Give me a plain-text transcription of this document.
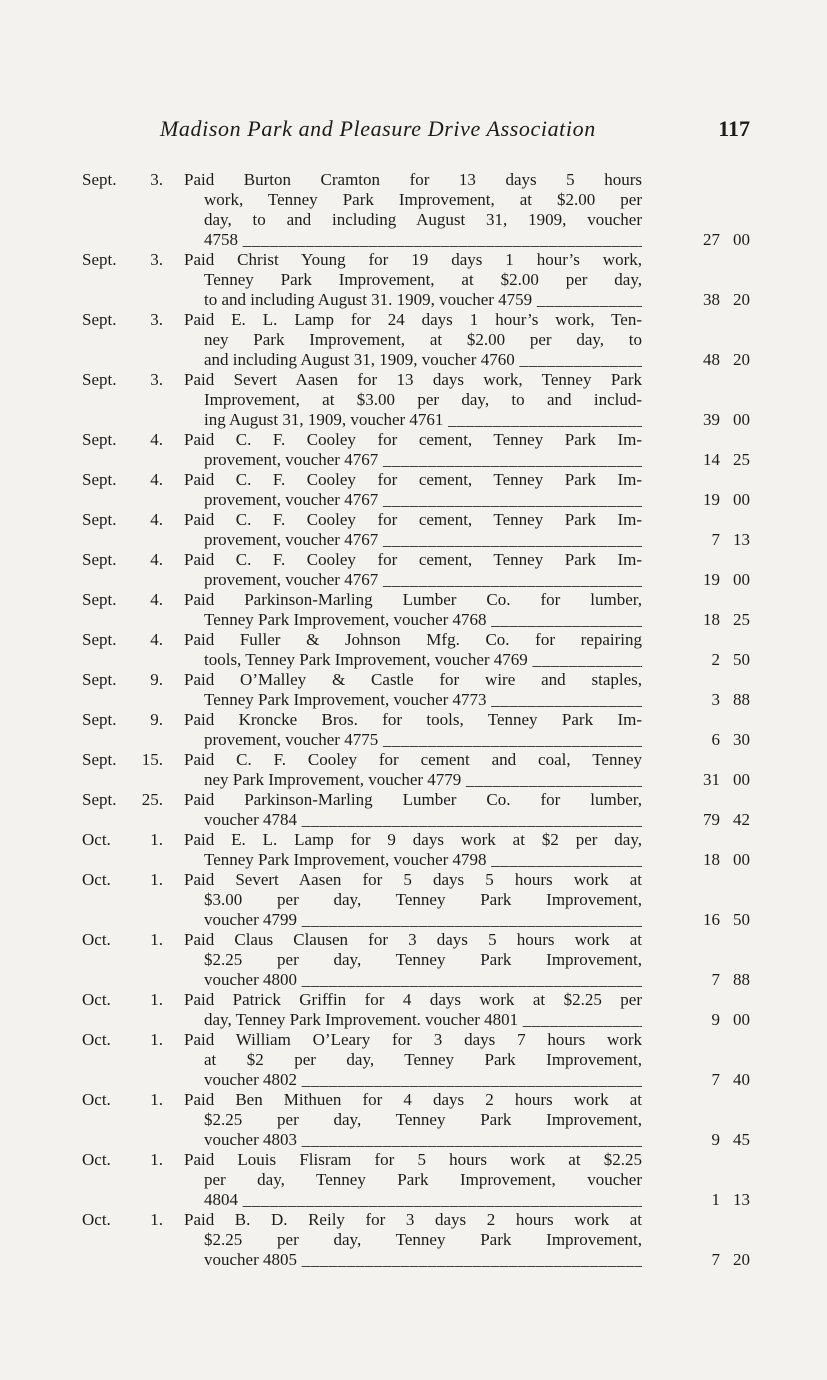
Madison Park and Pleasure Drive Association	117
Sept.	3. Paid Burton Cramton for 13 days 5 hours
work, Tenney Park Improvement, at $2.00 per
day, to and including August 31, 1909, voucher
4758 _____	27 00
Sept.	3. Paid Christ Young for 19 days 1 hour’s work,
Tenney Park Improvement, at $2.00 per day,
to and including August 31. 1909, voucher 4759 _____	38 20
Sept.	3. Paid E. L. Lamp for 24 days 1 hour’s work, Ten-
ney Park Improvement, at $2.00 per day, to
and including August 31, 1909, voucher 4760 _____	48 20
Sept.	3. Paid Severt Aasen for 13 days work, Tenney Park
Improvement, at $3.00 per day, to and includ-
ing August 31, 1909, voucher 4761 _____	39 00
Sept.	4. Paid C. F. Cooley for cement, Tenney Park Im-
provement, voucher 4767 _____	14 25
Sept.	4. Paid C. F. Cooley for cement, Tenney Park Im-
provement, voucher 4767 _____	19 00
Sept.	4. Paid C. F. Cooley for cement, Tenney Park Im-
provement, voucher 4767 _____	7 13
Sept.	4. Paid C. F. Cooley for cement, Tenney Park Im-
provement, voucher 4767 _____	19 00
Sept.	4. Paid Parkinson-Marling Lumber Co. for lumber,
Tenney Park Improvement, voucher 4768 _____	18 25
Sept.	4. Paid Fuller & Johnson Mfg. Co. for repairing
tools, Tenney Park Improvement, voucher 4769 _____	2 50
Sept.	9. Paid O’Malley & Castle for wire and staples,
Tenney Park Improvement, voucher 4773 _____	3 88
Sept.	9. Paid Kroncke Bros. for tools, Tenney Park Im-
provement, voucher 4775 _____	6 30
Sept. 15. Paid C. F. Cooley for cement and coal, Tenney
ney Park Improvement, voucher 4779 _____	31 00
Sept. 25. Paid Parkinson-Marling Lumber Co. for lumber,
voucher 4784 _____	79 42
Oct.	1. Paid E. L. Lamp for 9 days work at $2 per day,
Tenney Park Improvement, voucher 4798 _____	18 00
Oct.	1. Paid Severt Aasen for 5 days 5 hours work at
$3.00 per day, Tenney Park Improvement,
voucher 4799 _____	16 50
Oct.	1. Paid Claus Clausen for 3 days 5 hours work at
$2.25 per day, Tenney Park Improvement,
voucher 4800 _____	7 88
Oct.	1. Paid Patrick Griffin for 4 days work at $2.25 per
day, Tenney Park Improvement. voucher 4801 _____	9 00
Oct.	1. Paid William O’Leary for 3 days 7 hours work
at $2 per day, Tenney Park Improvement,
voucher 4802 _____	7 40
Oct.	1. Paid Ben Mithuen for 4 days 2 hours work at
$2.25 per day, Tenney Park Improvement,
voucher 4803 _____	9 45
Oct.	1. Paid Louis Flisram for 5 hours work at $2.25
per day, Tenney Park Improvement, voucher
4804 _____	1 13
Oct.	1. Paid B. D. Reily for 3 days 2 hours work at
$2.25 per day, Tenney Park Improvement,
voucher 4805 _____	7 20
